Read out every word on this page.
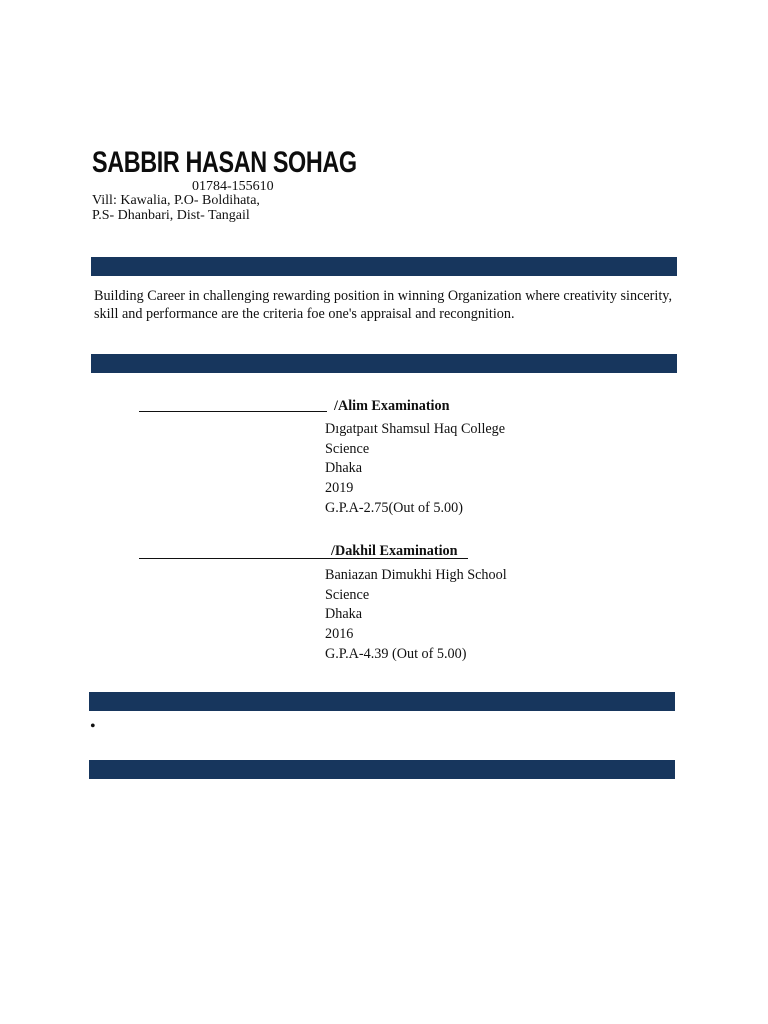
SABBIR HASAN SOHAG
01784-155610
Vill: Kawalia, P.O- Boldihata,
P.S- Dhanbari, Dist- Tangail
Building Career in challenging rewarding position in winning Organization where creativity sincerity, skill and performance are the criteria foe one's appraisal and recongnition.
/Alim Examination
Dıgatpaıt Shamsul Haq College
Science
Dhaka
2019
G.P.A-2.75(Out of 5.00)
/Dakhil Examination
Baniazan Dimukhi High School
Science
Dhaka
2016
G.P.A-4.39 (Out of 5.00)
•
